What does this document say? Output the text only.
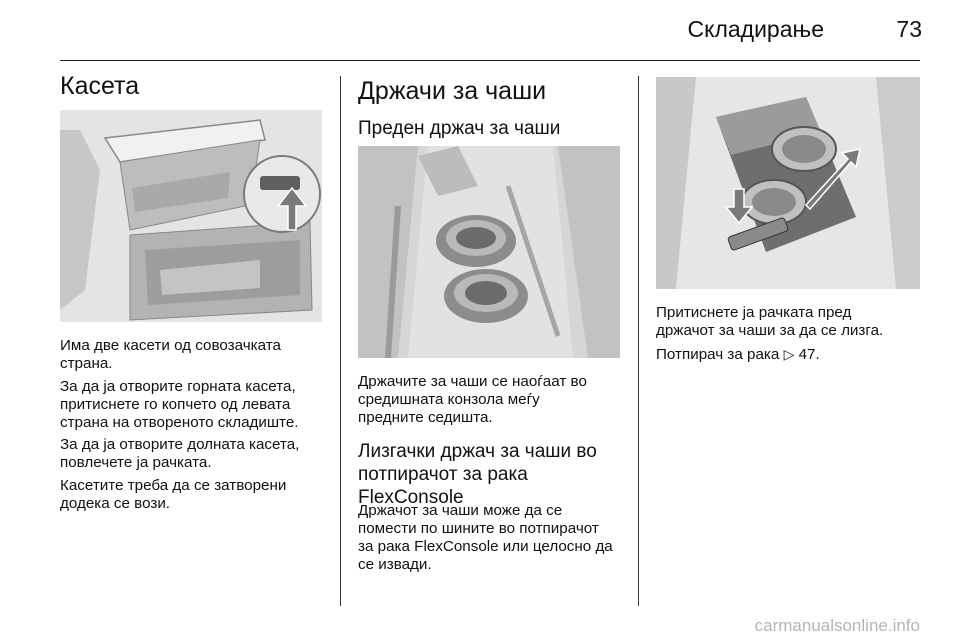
Складирање	73
Касета
Има две касети од совозачката
страна.
За да ја отворите горната касета,
притиснете го копчето од левата
страна на отвореното складиште.
За да ја отворите долната касета,
повлечете ја рачката.
Касетите треба да се затворени
додека се вози.
Држачи за чаши
Преден држач за чаши
Држачите за чаши се наоѓаат во
средишната конзола меѓу
предните седишта.
Лизгачки држач за чаши во
потпирачот за рака
FlexConsole
Држачот за чаши може да се
помести по шините во потпирачот
за рака FlexConsole или целосно да
се извади.
Притиснете ја рачката пред
држачот за чаши за да се лизга.
Потпирач за рака ▷ 47.
carmanualsonline.info
